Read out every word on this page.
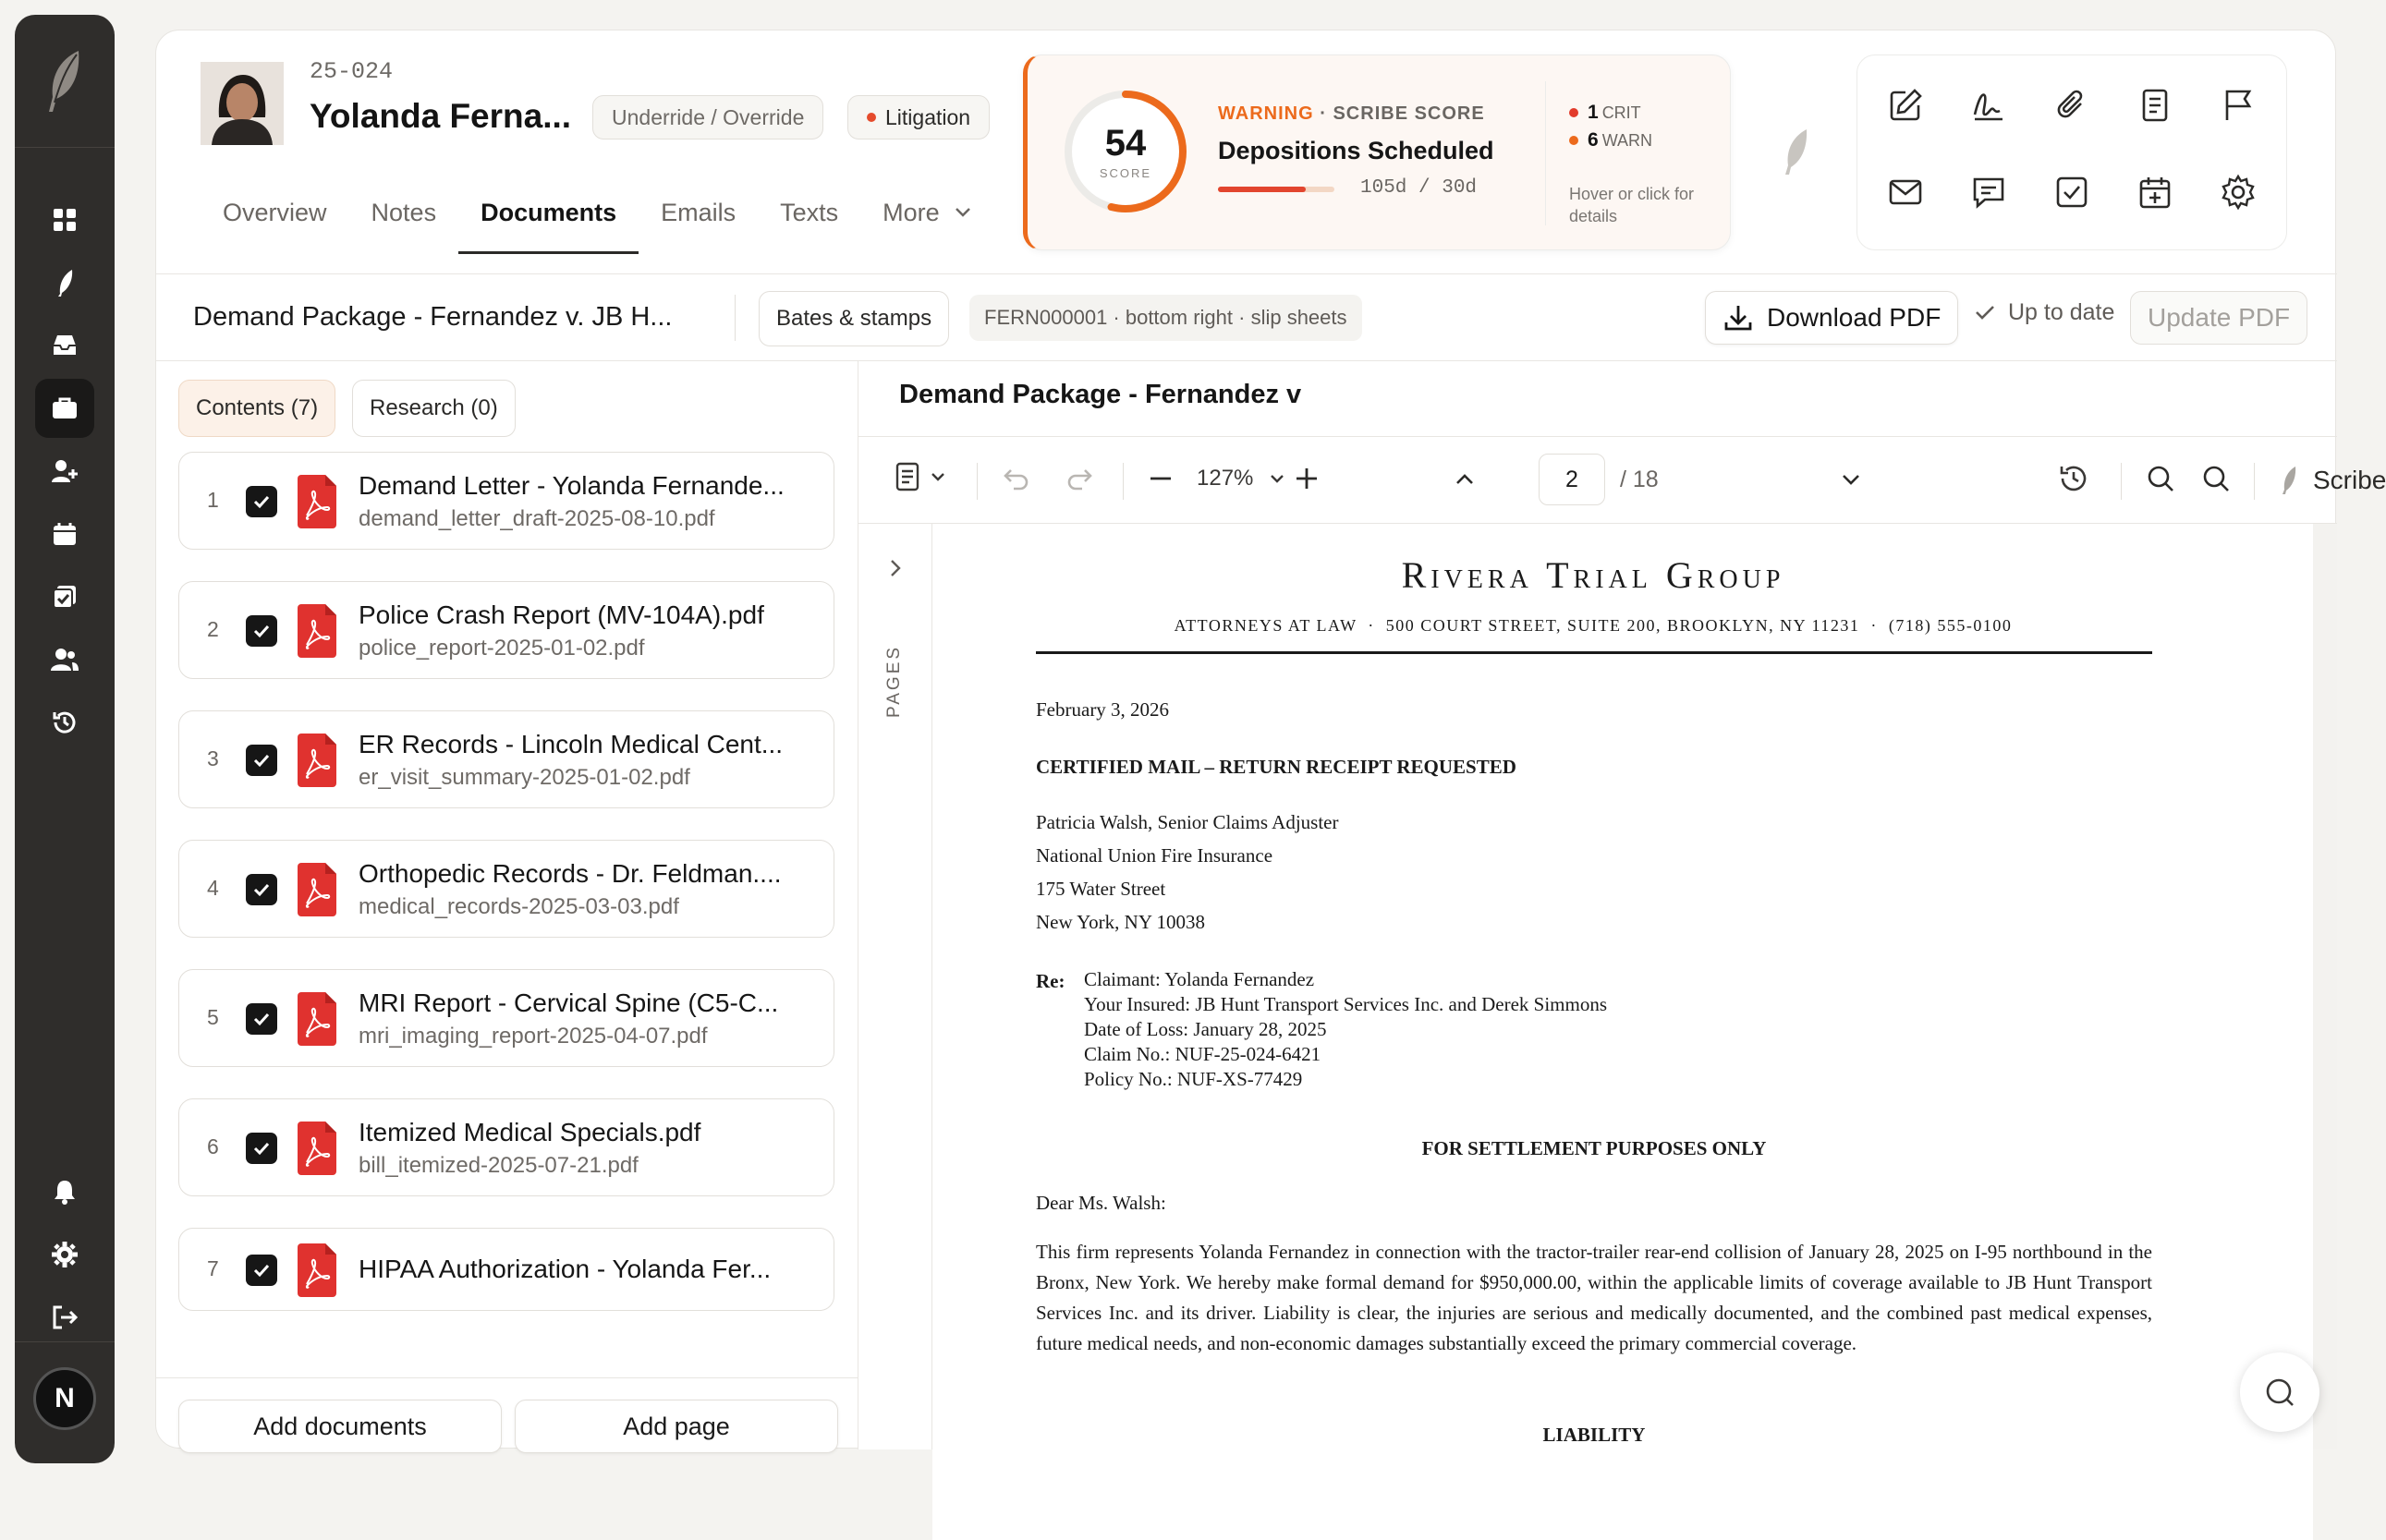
N
25-024
Yolanda Ferna... Underride / Override	Litigation
Overview	Notes	Documents	Emails	Texts	More
54
SCORE
WARNING · SCRIBE SCORE
Depositions Scheduled
105d / 30d
1 CRIT
6 WARN
Hover or click for details
Demand Package - Fernandez v. JB H...	Bates & stamps	FERN000001 · bottom right · slip sheets	Download PDF	Up to date Update PDF
Contents (7)	Research (0)
1	Demand Letter - Yolanda Fernande...
demand_letter_draft-2025-08-10.pdf
2	Police Crash Report (MV-104A).pdf
police_report-2025-01-02.pdf
3	ER Records - Lincoln Medical Cent...
er_visit_summary-2025-01-02.pdf
4	Orthopedic Records - Dr. Feldman....
medical_records-2025-03-03.pdf
5	MRI Report - Cervical Spine (C5-C...
mri_imaging_report-2025-04-07.pdf
6	Itemized Medical Specials.pdf
bill_itemized-2025-07-21.pdf
7	HIPAA Authorization - Yolanda Fer...
Add documents	Add page
Demand Package - Fernandez v
127%	2	/ 18	Scribe
PAGES
Rivera Trial Group
ATTORNEYS AT LAW  ·  500 COURT STREET, SUITE 200, BROOKLYN, NY 11231  ·  (718) 555-0100
February 3, 2026
CERTIFIED MAIL – RETURN RECEIPT REQUESTED
Patricia Walsh, Senior Claims Adjuster
National Union Fire Insurance
175 Water Street
New York, NY 10038
Re: Claimant: Yolanda Fernandez
Your Insured: JB Hunt Transport Services Inc. and Derek Simmons
Date of Loss: January 28, 2025
Claim No.: NUF-25-024-6421
Policy No.: NUF-XS-77429
FOR SETTLEMENT PURPOSES ONLY
Dear Ms. Walsh:
This firm represents Yolanda Fernandez in connection with the tractor-trailer rear-end collision of January 28, 2025 on I-95 northbound in the Bronx, New York. We hereby make formal demand for $950,000.00, within the applicable limits of coverage available to JB Hunt Transport Services Inc. and its driver. Liability is clear, the injuries are serious and medically documented, and the combined past medical expenses, future medical needs, and non-economic damages substantially exceed the primary commercial coverage.
LIABILITY
